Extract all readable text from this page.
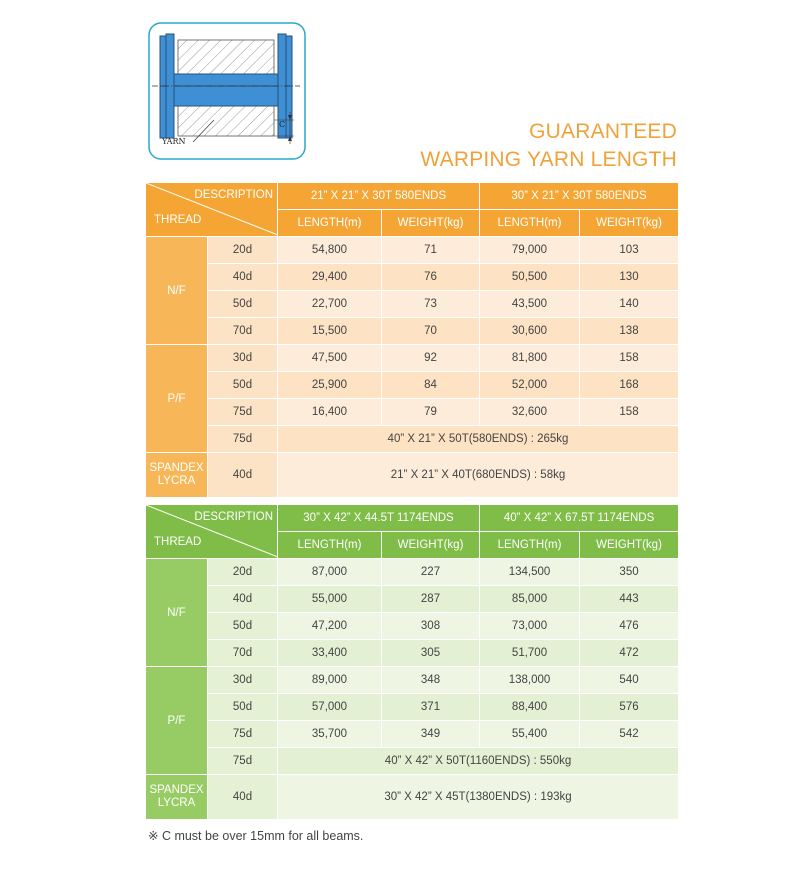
YARN
C	GUARANTEED
WARPING YARN LENGTH
DESCRIPTION
THREAD		21” X 21” X 30T 580ENDS		30” X 21” X 30T 580ENDS	
		LENGTH(m)	WEIGHT(kg)	LENGTH(m)	WEIGHT(kg)
N/F	20d	54,800	71	79,000	103
	40d	29,400	76	50,500	130
	50d	22,700	73	43,500	140
	70d	15,500	70	30,600	138
P/F	30d	47,500	92	81,800	158
	50d	25,900	84	52,000	168
	75d	16,400	79	32,600	158
	75d	40” X 21” X 50T(580ENDS) : 265kg			

SPANDEX
LYCRA	40d	21” X 21” X 40T(680ENDS) : 58kg			
DESCRIPTION
THREAD		30” X 42” X 44.5T 1174ENDS		40” X 42” X 67.5T 1174ENDS	
		LENGTH(m)	WEIGHT(kg)	LENGTH(m)	WEIGHT(kg)
N/F	20d	87,000	227	134,500	350
	40d	55,000	287	85,000	443
	50d	47,200	308	73,000	476
	70d	33,400	305	51,700	472
P/F	30d	89,000	348	138,000	540
	50d	57,000	371	88,400	576
	75d	35,700	349	55,400	542
	75d	40” X 42” X 50T(1160ENDS) : 550kg			

SPANDEX
LYCRA	40d	30” X 42” X 45T(1380ENDS) : 193kg			
※ C must be over 15mm for all beams.
